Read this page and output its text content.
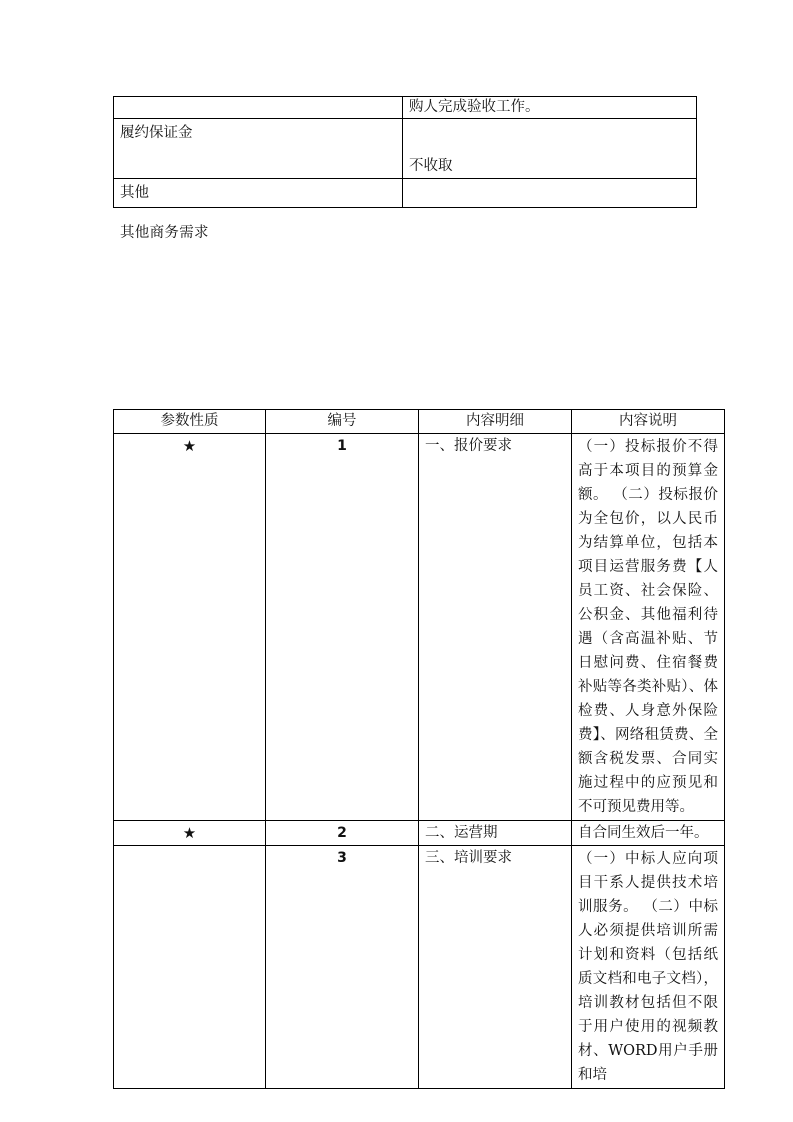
	购人完成验收工作。

履约保证金	不收取

其他	

其他商务需求
参数性质	编号	内容明细	内容说明

★	1	一、报价要求	（一）投标报价不得高于本项目的预算金额。 （二）投标报价为全包价，以人民币为结算单位，包括本项目运营服务费【人员工资、社会保险、公积金、其他福利待遇（含高温补贴、节日慰问费、住宿餐费补贴等各类补贴）、体检费、人身意外保险费】、网络租赁费、全额含税发票、合同实施过程中的应预见和不可预见费用等。

★	2	二、运营期	自合同生效后一年。

	3	三、培训要求	（一）中标人应向项目干系人提供技术培训服务。 （二）中标人必须提供培训所需计划和资料（包括纸质文档和电子文档），培训教材包括但不限于用户使用的视频教材、WORD用户手册和培
